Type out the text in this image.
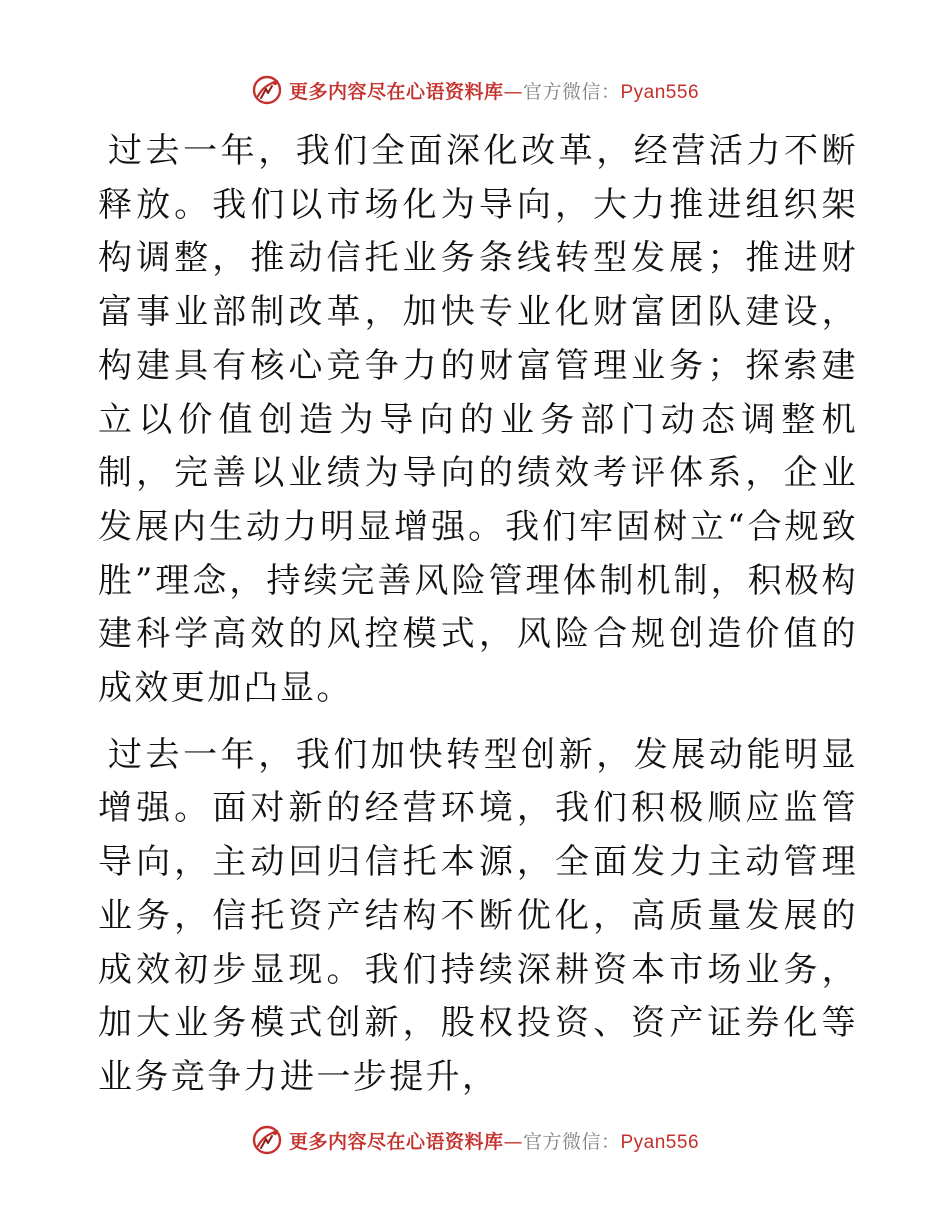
更多内容尽在心语资料库—官方微信：Pyan556

过去一年，我们全面深化改革，经营活力不断释放。我们以市场化为导向，大力推进组织架构调整，推动信托业务条线转型发展；推进财富事业部制改革，加快专业化财富团队建设，构建具有核心竞争力的财富管理业务；探索建立以价值创造为导向的业务部门动态调整机制，完善以业绩为导向的绩效考评体系，企业发展内生动力明显增强。我们牢固树立“合规致胜”理念，持续完善风险管理体制机制，积极构建科学高效的风控模式，风险合规创造价值的成效更加凸显。

过去一年，我们加快转型创新，发展动能明显增强。面对新的经营环境，我们积极顺应监管导向，主动回归信托本源，全面发力主动管理业务，信托资产结构不断优化，高质量发展的成效初步显现。我们持续深耕资本市场业务，加大业务模式创新，股权投资、资产证券化等业务竞争力进一步提升，

更多内容尽在心语资料库—官方微信：Pyan556
